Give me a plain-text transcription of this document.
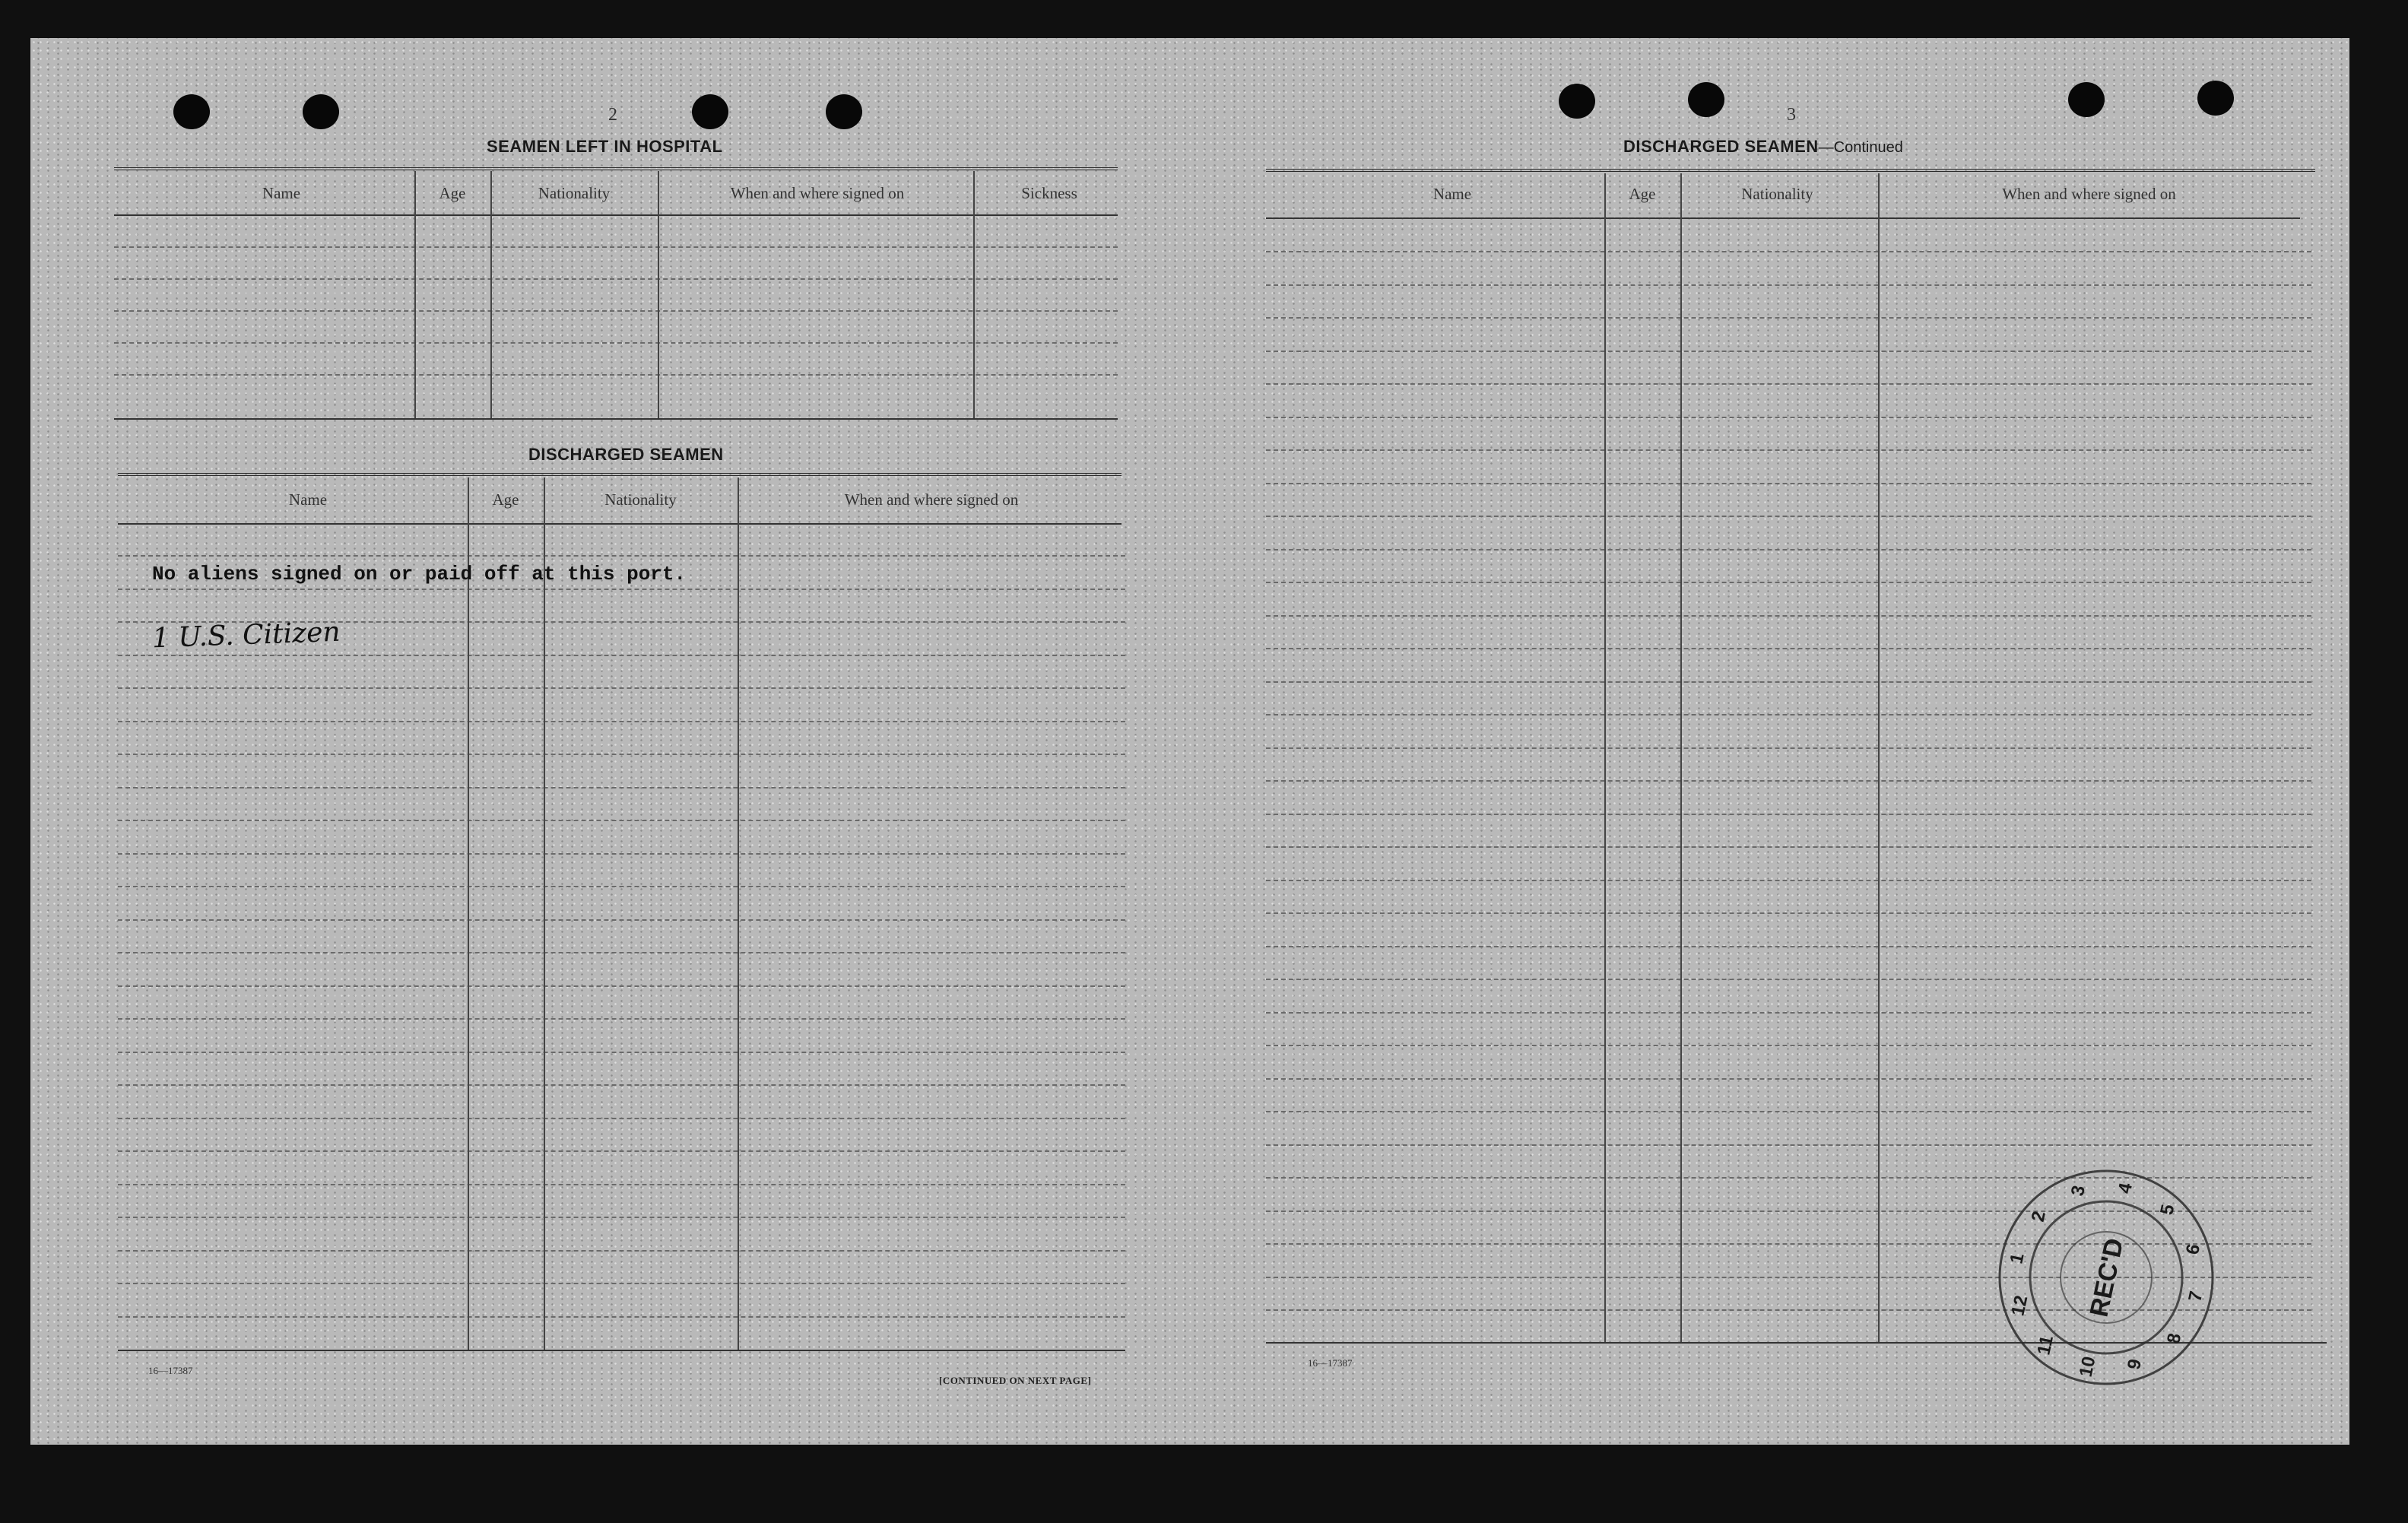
2
SEAMEN LEFT IN HOSPITAL
Name	Age	Nationality	When and where signed on	Sickness
DISCHARGED SEAMEN
Name	Age	Nationality	When and where signed on
No aliens signed on or paid off at this port.
1 U.S. Citizen
16—17387
[CONTINUED ON NEXT PAGE]
3
DISCHARGED SEAMEN—Continued
Name	Age	Nationality	When and where signed on
16—17387
1
2
3 4
5
6
7
8
9
10
11
12 REC'D
